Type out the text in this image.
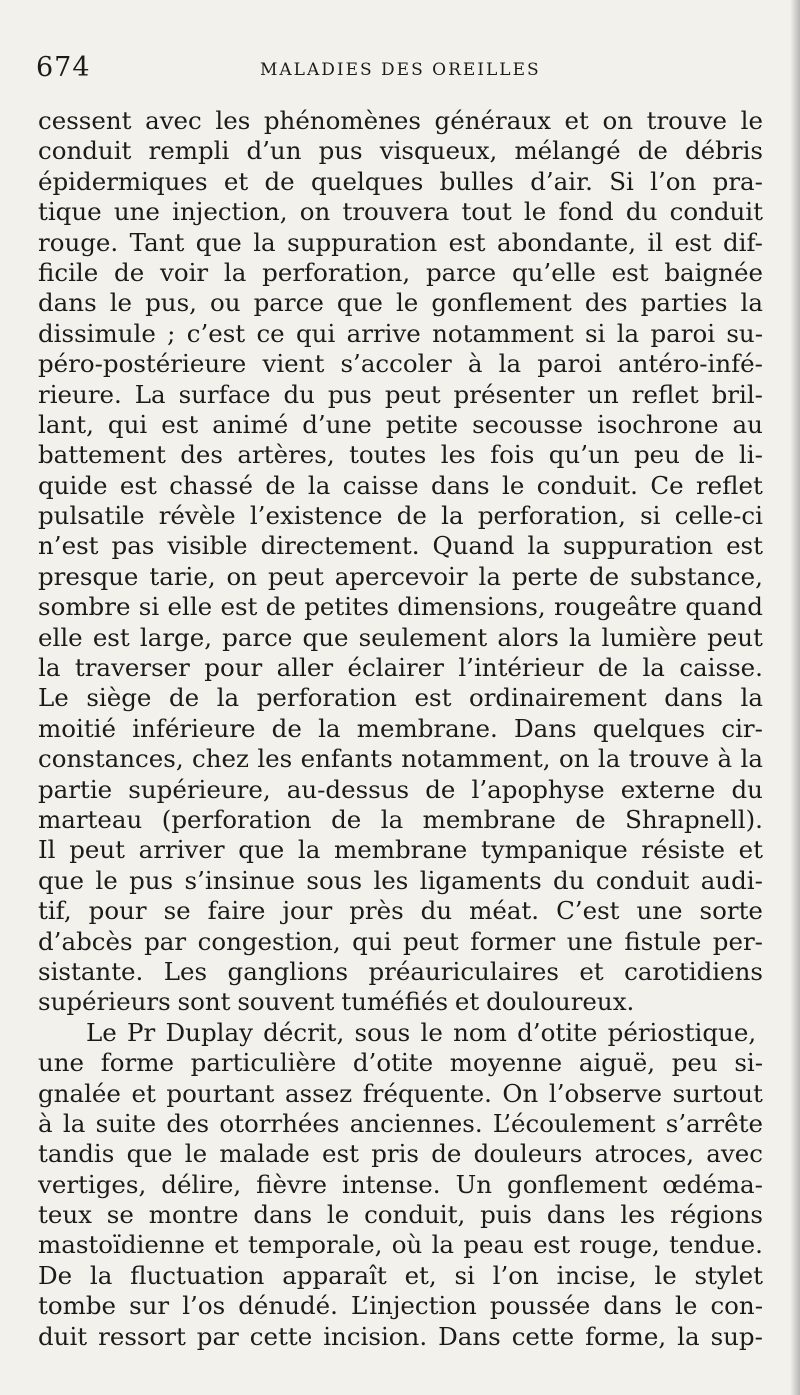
674	MALADIES DES OREILLES
cessent avec les phénomènes généraux et on trouve le
conduit rempli d’un pus visqueux, mélangé de débris
épidermiques et de quelques bulles d’air. Si l’on pra-
tique une injection, on trouvera tout le fond du conduit
rouge. Tant que la suppuration est abondante, il est dif-
ficile de voir la perforation, parce qu’elle est baignée
dans le pus, ou parce que le gonflement des parties la
dissimule ; c’est ce qui arrive notamment si la paroi su-
péro-postérieure vient s’accoler à la paroi antéro-infé-
rieure. La surface du pus peut présenter un reflet bril-
lant, qui est animé d’une petite secousse isochrone au
battement des artères, toutes les fois qu’un peu de li-
quide est chassé de la caisse dans le conduit. Ce reflet
pulsatile révèle l’existence de la perforation, si celle-ci
n’est pas visible directement. Quand la suppuration est
presque tarie, on peut apercevoir la perte de substance,
sombre si elle est de petites dimensions, rougeâtre quand
elle est large, parce que seulement alors la lumière peut
la traverser pour aller éclairer l’intérieur de la caisse.
Le siège de la perforation est ordinairement dans la
moitié inférieure de la membrane. Dans quelques cir-
constances, chez les enfants notamment, on la trouve à la
partie supérieure, au-dessus de l’apophyse externe du
marteau (perforation de la membrane de Shrapnell).
Il peut arriver que la membrane tympanique résiste et
que le pus s’insinue sous les ligaments du conduit audi-
tif, pour se faire jour près du méat. C’est une sorte
d’abcès par congestion, qui peut former une fistule per-
sistante. Les ganglions préauriculaires et carotidiens
supérieurs sont souvent tuméfiés et douloureux.
Le Pr Duplay décrit, sous le nom d’otite périostique,
une forme particulière d’otite moyenne aiguë, peu si-
gnalée et pourtant assez fréquente. On l’observe surtout
à la suite des otorrhées anciennes. L’écoulement s’arrête
tandis que le malade est pris de douleurs atroces, avec
vertiges, délire, fièvre intense. Un gonflement œdéma-
teux se montre dans le conduit, puis dans les régions
mastoïdienne et temporale, où la peau est rouge, tendue.
De la fluctuation apparaît et, si l’on incise, le stylet
tombe sur l’os dénudé. L’injection poussée dans le con-
duit ressort par cette incision. Dans cette forme, la sup-
